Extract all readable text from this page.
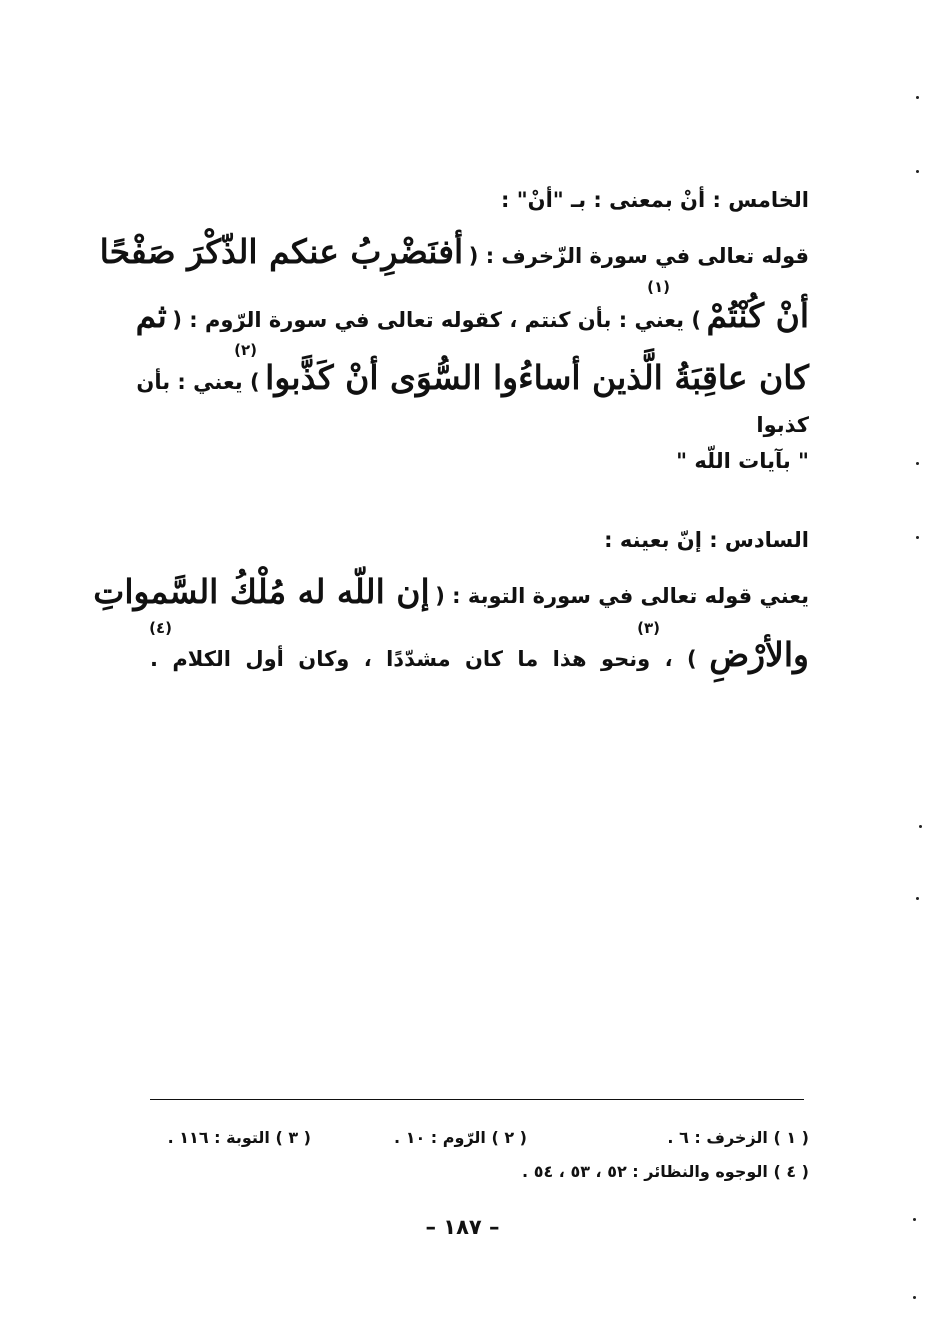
الخامس : أنْ بمعنى : بـ "أنْ" :
قوله تعالى في سورة الزّخرف : ( أفنَضْرِبُ عنكم الذّكْرَ صَفْحًا
(١)
أنْ كُنْتُمْ ) يعني : بأن كنتم ، كقوله تعالى في سورة الرّوم : ( ثم
(٢)
كان عاقِبَةُ الَّذين أساءُوا السُّوَى أنْ كَذَّبوا ) يعني : بأن
كذبوا
" بآيات اللّه "
السادس : إنّ بعينه :
يعني قوله تعالى في سورة التوبة : ( إن اللّه له مُلْكُ السَّمواتِ
(٣)
(٤)
والأرْضِ ) ، ونحو هذا ما كان مشدّدًا ، وكان أول الكلام .
( ١ ) الزخرف : ٦ .
( ٢ ) الرّوم : ١٠ .
( ٣ ) التوبة : ١١٦ .
( ٤ ) الوجوه والنظائر : ٥٢ ، ٥٣ ، ٥٤ .
– ١٨٧ –
